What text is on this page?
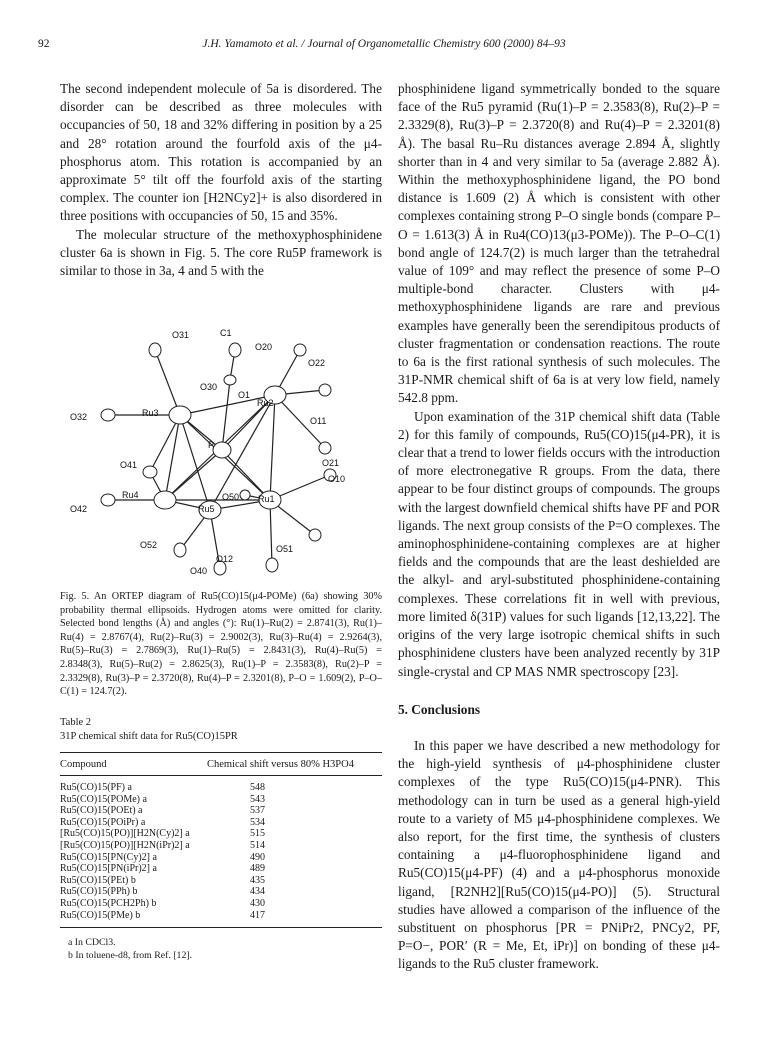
92	J.H. Yamamoto et al. / Journal of Organometallic Chemistry 600 (2000) 84–93

The second independent molecule of 5a is disordered. The disorder can be described as three molecules with occupancies of 50, 18 and 32% differing in position by a 25 and 28° rotation around the fourfold axis of the μ4-phosphorus atom. This rotation is accompanied by an approximate 5° tilt off the fourfold axis of the starting complex. The counter ion [H2NCy2]+ is also disordered in three positions with occupancies of 50, 15 and 35%.

The molecular structure of the methoxyphosphinidene cluster 6a is shown in Fig. 5. The core Ru5P framework is similar to those in 3a, 4 and 5 with the

O31	C1
O20
O22
O30
O1
Ru2
O32	Ru3
O11
P
O21
O41
O10
Ru4	O50 Ru1
O42	Ru5
O52	O51
O40
O12
Fig. 5. An ORTEP diagram of Ru5(CO)15(μ4-POMe) (6a) showing 30% probability thermal ellipsoids. Hydrogen atoms were omitted for clarity. Selected bond lengths (Å) and angles (°): Ru(1)–Ru(2) = 2.8741(3), Ru(1)–Ru(4) = 2.8767(4), Ru(2)–Ru(3) = 2.9002(3), Ru(3)–Ru(4) = 2.9264(3), Ru(5)–Ru(3) = 2.7869(3), Ru(1)–Ru(5) = 2.8431(3), Ru(4)–Ru(5) = 2.8348(3), Ru(5)–Ru(2) = 2.8625(3), Ru(1)–P = 2.3583(8), Ru(2)–P = 2.3329(8), Ru(3)–P = 2.3720(8), Ru(4)–P = 2.3201(8), P–O = 1.609(2), P–O–C(1) = 124.7(2).
Table 2
31P chemical shift data for Ru5(CO)15PR
Compound	Chemical shift versus 80% H3PO4
Ru5(CO)15(PF) a	548
Ru5(CO)15(POMe) a	543
Ru5(CO)15(POEt) a	537
Ru5(CO)15(POiPr) a	534
[Ru5(CO)15(PO)][H2N(Cy)2] a	515
[Ru5(CO)15(PO)][H2N(iPr)2] a	514
Ru5(CO)15[PN(Cy)2] a	490
Ru5(CO)15[PN(iPr)2] a	489
Ru5(CO)15(PEt) b	435
Ru5(CO)15(PPh) b	434
Ru5(CO)15(PCH2Ph) b	430
Ru5(CO)15(PMe) b	417
a In CDCl3.
b In toluene-d8, from Ref. [12].

phosphinidene ligand symmetrically bonded to the square face of the Ru5 pyramid (Ru(1)–P = 2.3583(8), Ru(2)–P = 2.3329(8), Ru(3)–P = 2.3720(8) and Ru(4)–P = 2.3201(8) Å). The basal Ru–Ru distances average 2.894 Å, slightly shorter than in 4 and very similar to 5a (average 2.882 Å). Within the methoxyphosphinidene ligand, the PO bond distance is 1.609 (2) Å which is consistent with other complexes containing strong P–O single bonds (compare P–O = 1.613(3) Å in Ru4(CO)13(μ3-POMe)). The P–O–C(1) bond angle of 124.7(2) is much larger than the tetrahedral value of 109° and may reflect the presence of some P–O multiple-bond character. Clusters with μ4-methoxyphosphinidene ligands are rare and previous examples have generally been the serendipitous products of cluster fragmentation or condensation reactions. The route to 6a is the first rational synthesis of such molecules. The 31P-NMR chemical shift of 6a is at very low field, namely 542.8 ppm.

Upon examination of the 31P chemical shift data (Table 2) for this family of compounds, Ru5(CO)15(μ4-PR), it is clear that a trend to lower fields occurs with the introduction of more electronegative R groups. From the data, there appear to be four distinct groups of compounds. The groups with the largest downfield chemical shifts have PF and POR ligands. The next group consists of the P=O complexes. The aminophosphinidene-containing complexes are at higher fields and the compounds that are the least deshielded are the alkyl- and aryl-substituted phosphinidene-containing complexes. These correlations fit in well with previous, more limited δ(31P) values for such ligands [12,13,22]. The origins of the very large isotropic chemical shifts in such phosphinidene clusters have been analyzed recently by 31P single-crystal and CP MAS NMR spectroscopy [23].

5. Conclusions

In this paper we have described a new methodology for the high-yield synthesis of μ4-phosphinidene cluster complexes of the type Ru5(CO)15(μ4-PNR). This methodology can in turn be used as a general high-yield route to a variety of M5 μ4-phosphinidene complexes. We also report, for the first time, the synthesis of clusters containing a μ4-fluorophosphinidene ligand and Ru5(CO)15(μ4-PF) (4) and a μ4-phosphorus monoxide ligand, [R2NH2][Ru5(CO)15(μ4-PO)] (5). Structural studies have allowed a comparison of the influence of the substituent on phosphorus [PR = PNiPr2, PNCy2, PF, P=O−, POR′ (R = Me, Et, iPr)] on bonding of these μ4-ligands to the Ru5 cluster framework.
